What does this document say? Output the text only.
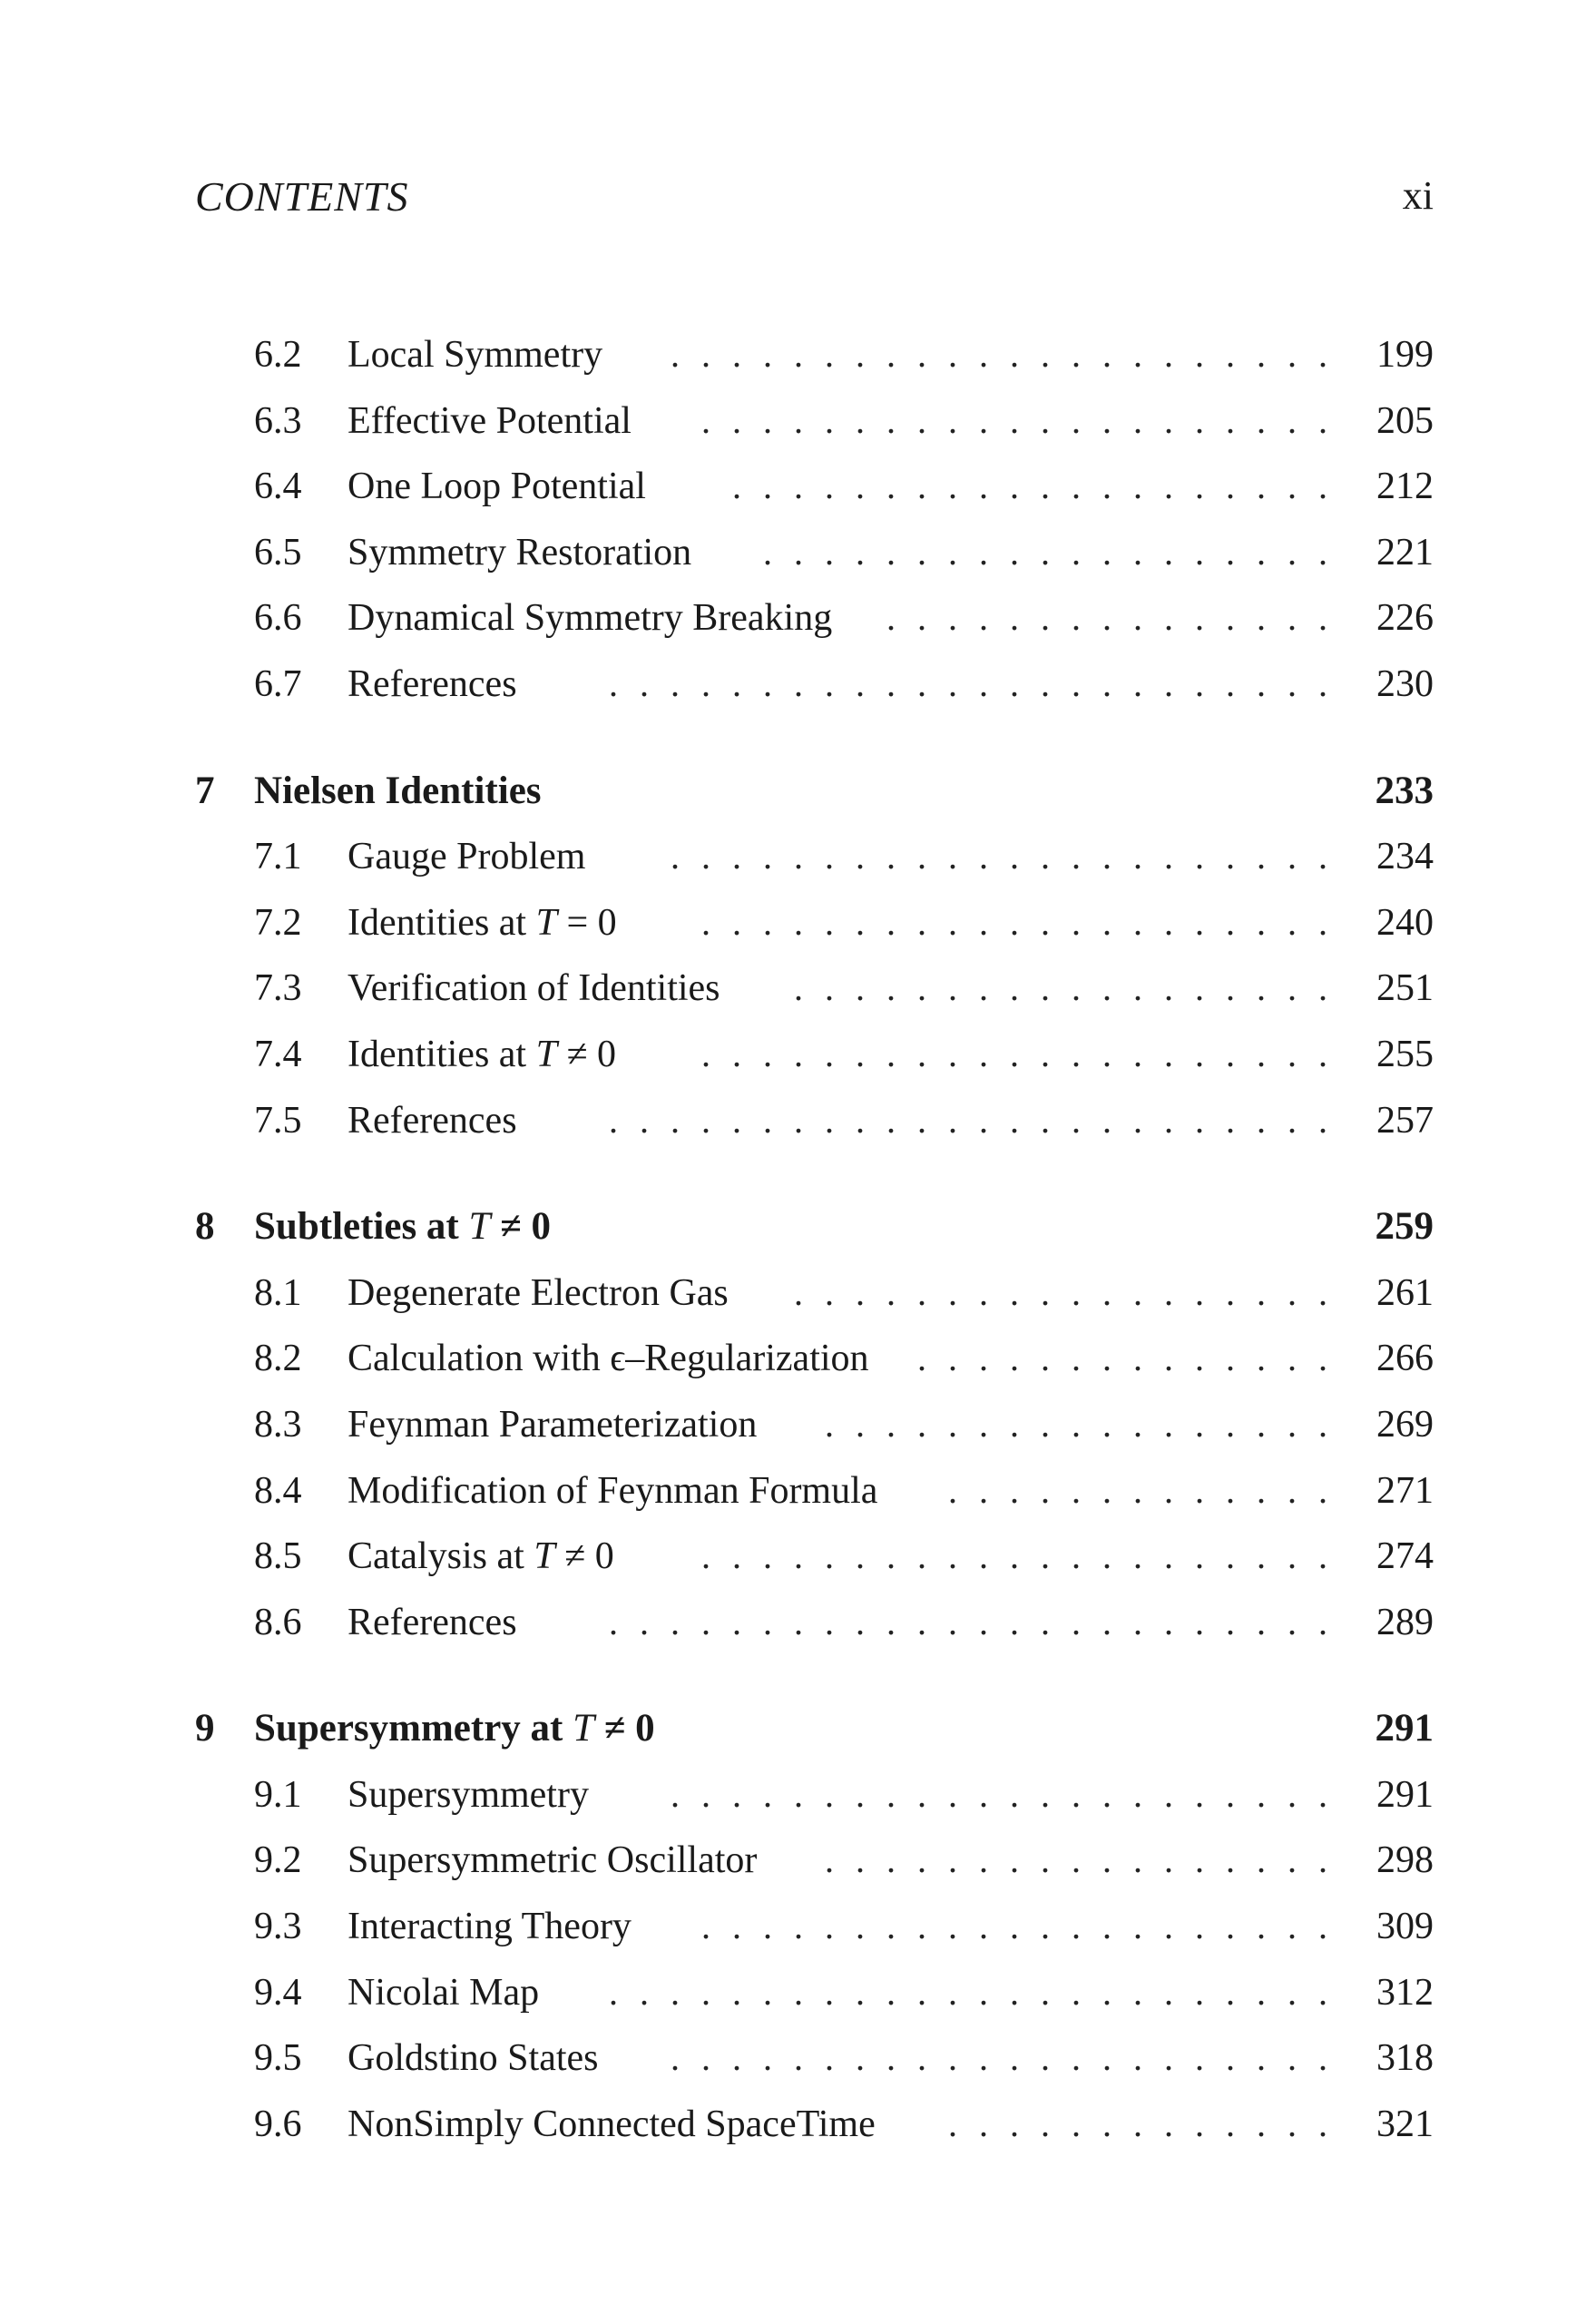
CONTENTS	xi
6.2 Local Symmetry	...................... 199
6.3 Effective Potential	..................... 205
6.4 One Loop Potential	.................... 212
6.5 Symmetry Restoration	................... 221
6.6 Dynamical Symmetry Breaking	............... 226
6.7 References	........................ 230
7 Nielsen Identities	233
7.1 Gauge Problem	...................... 234
7.2 Identities at T = 0	..................... 240
7.3 Verification of Identities	.................. 251
7.4 Identities at T ≠ 0	..................... 255
7.5 References	........................ 257
8 Subtleties at T ≠ 0	259
8.1 Degenerate Electron Gas	.................. 261
8.2 Calculation with ϵ–Regularization	.............. 266
8.3 Feynman Parameterization	................. 269
8.4 Modification of Feynman Formula	............. 271
8.5 Catalysis at T ≠ 0	..................... 274
8.6 References	........................ 289
9 Supersymmetry at T ≠ 0	291
9.1 Supersymmetry	...................... 291
9.2 Supersymmetric Oscillator	................. 298
9.3 Interacting Theory	..................... 309
9.4 Nicolai Map	........................ 312
9.5 Goldstino States	...................... 318
9.6 NonSimply Connected SpaceTime	............. 321
